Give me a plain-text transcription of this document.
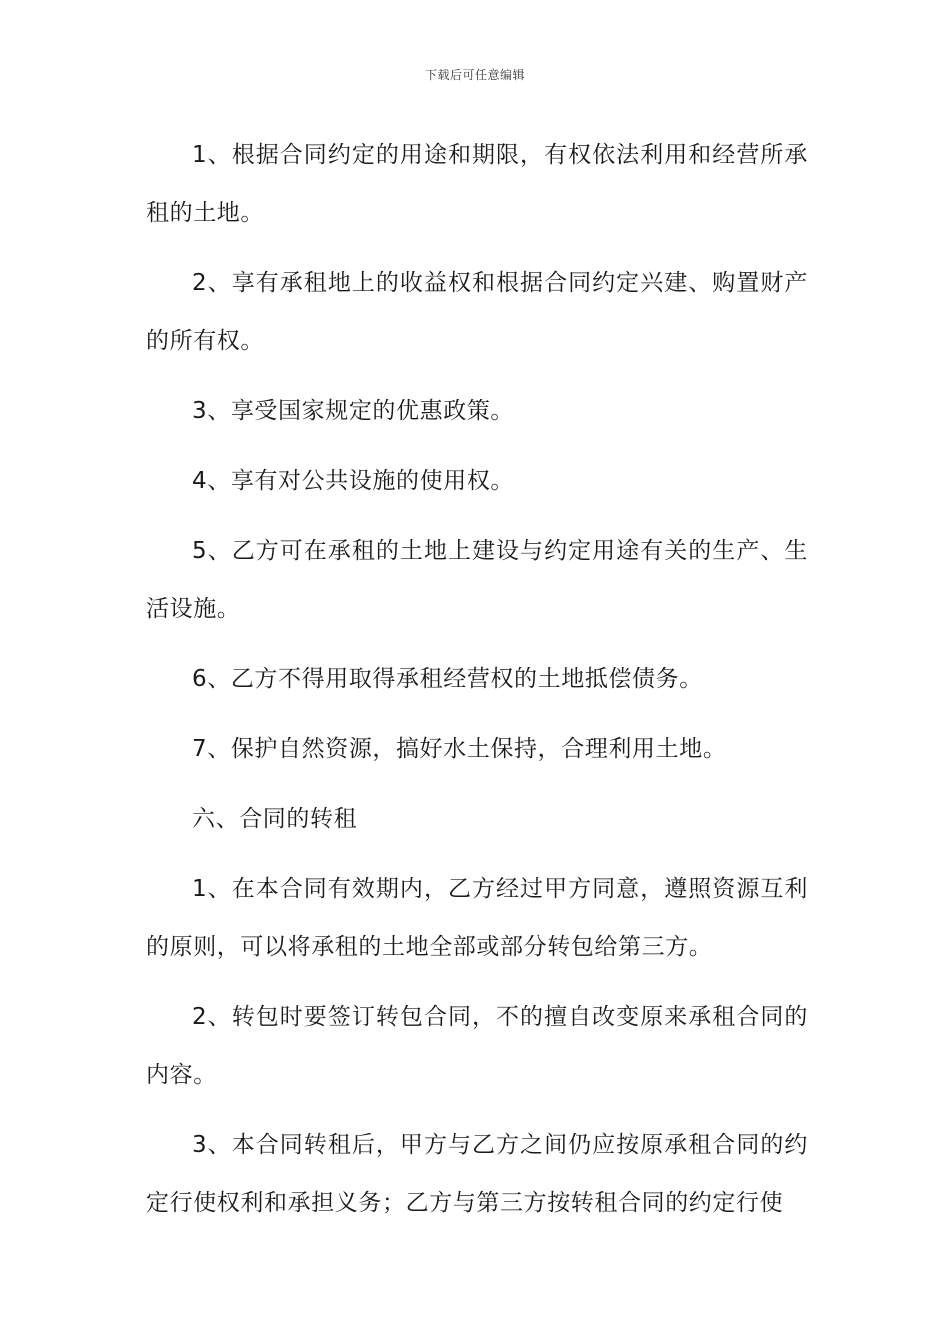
下载后可任意编辑

1、根据合同约定的用途和期限，有权依法利用和经营所承租的土地。

2、享有承租地上的收益权和根据合同约定兴建、购置财产的所有权。

3、享受国家规定的优惠政策。

4、享有对公共设施的使用权。

5、乙方可在承租的土地上建设与约定用途有关的生产、生活设施。

6、乙方不得用取得承租经营权的土地抵偿债务。

7、保护自然资源，搞好水土保持，合理利用土地。

六、合同的转租

1、在本合同有效期内，乙方经过甲方同意，遵照资源互利的原则，可以将承租的土地全部或部分转包给第三方。

2、转包时要签订转包合同，不的擅自改变原来承租合同的内容。

3、本合同转租后，甲方与乙方之间仍应按原承租合同的约定行使权利和承担义务；乙方与第三方按转租合同的约定行使
